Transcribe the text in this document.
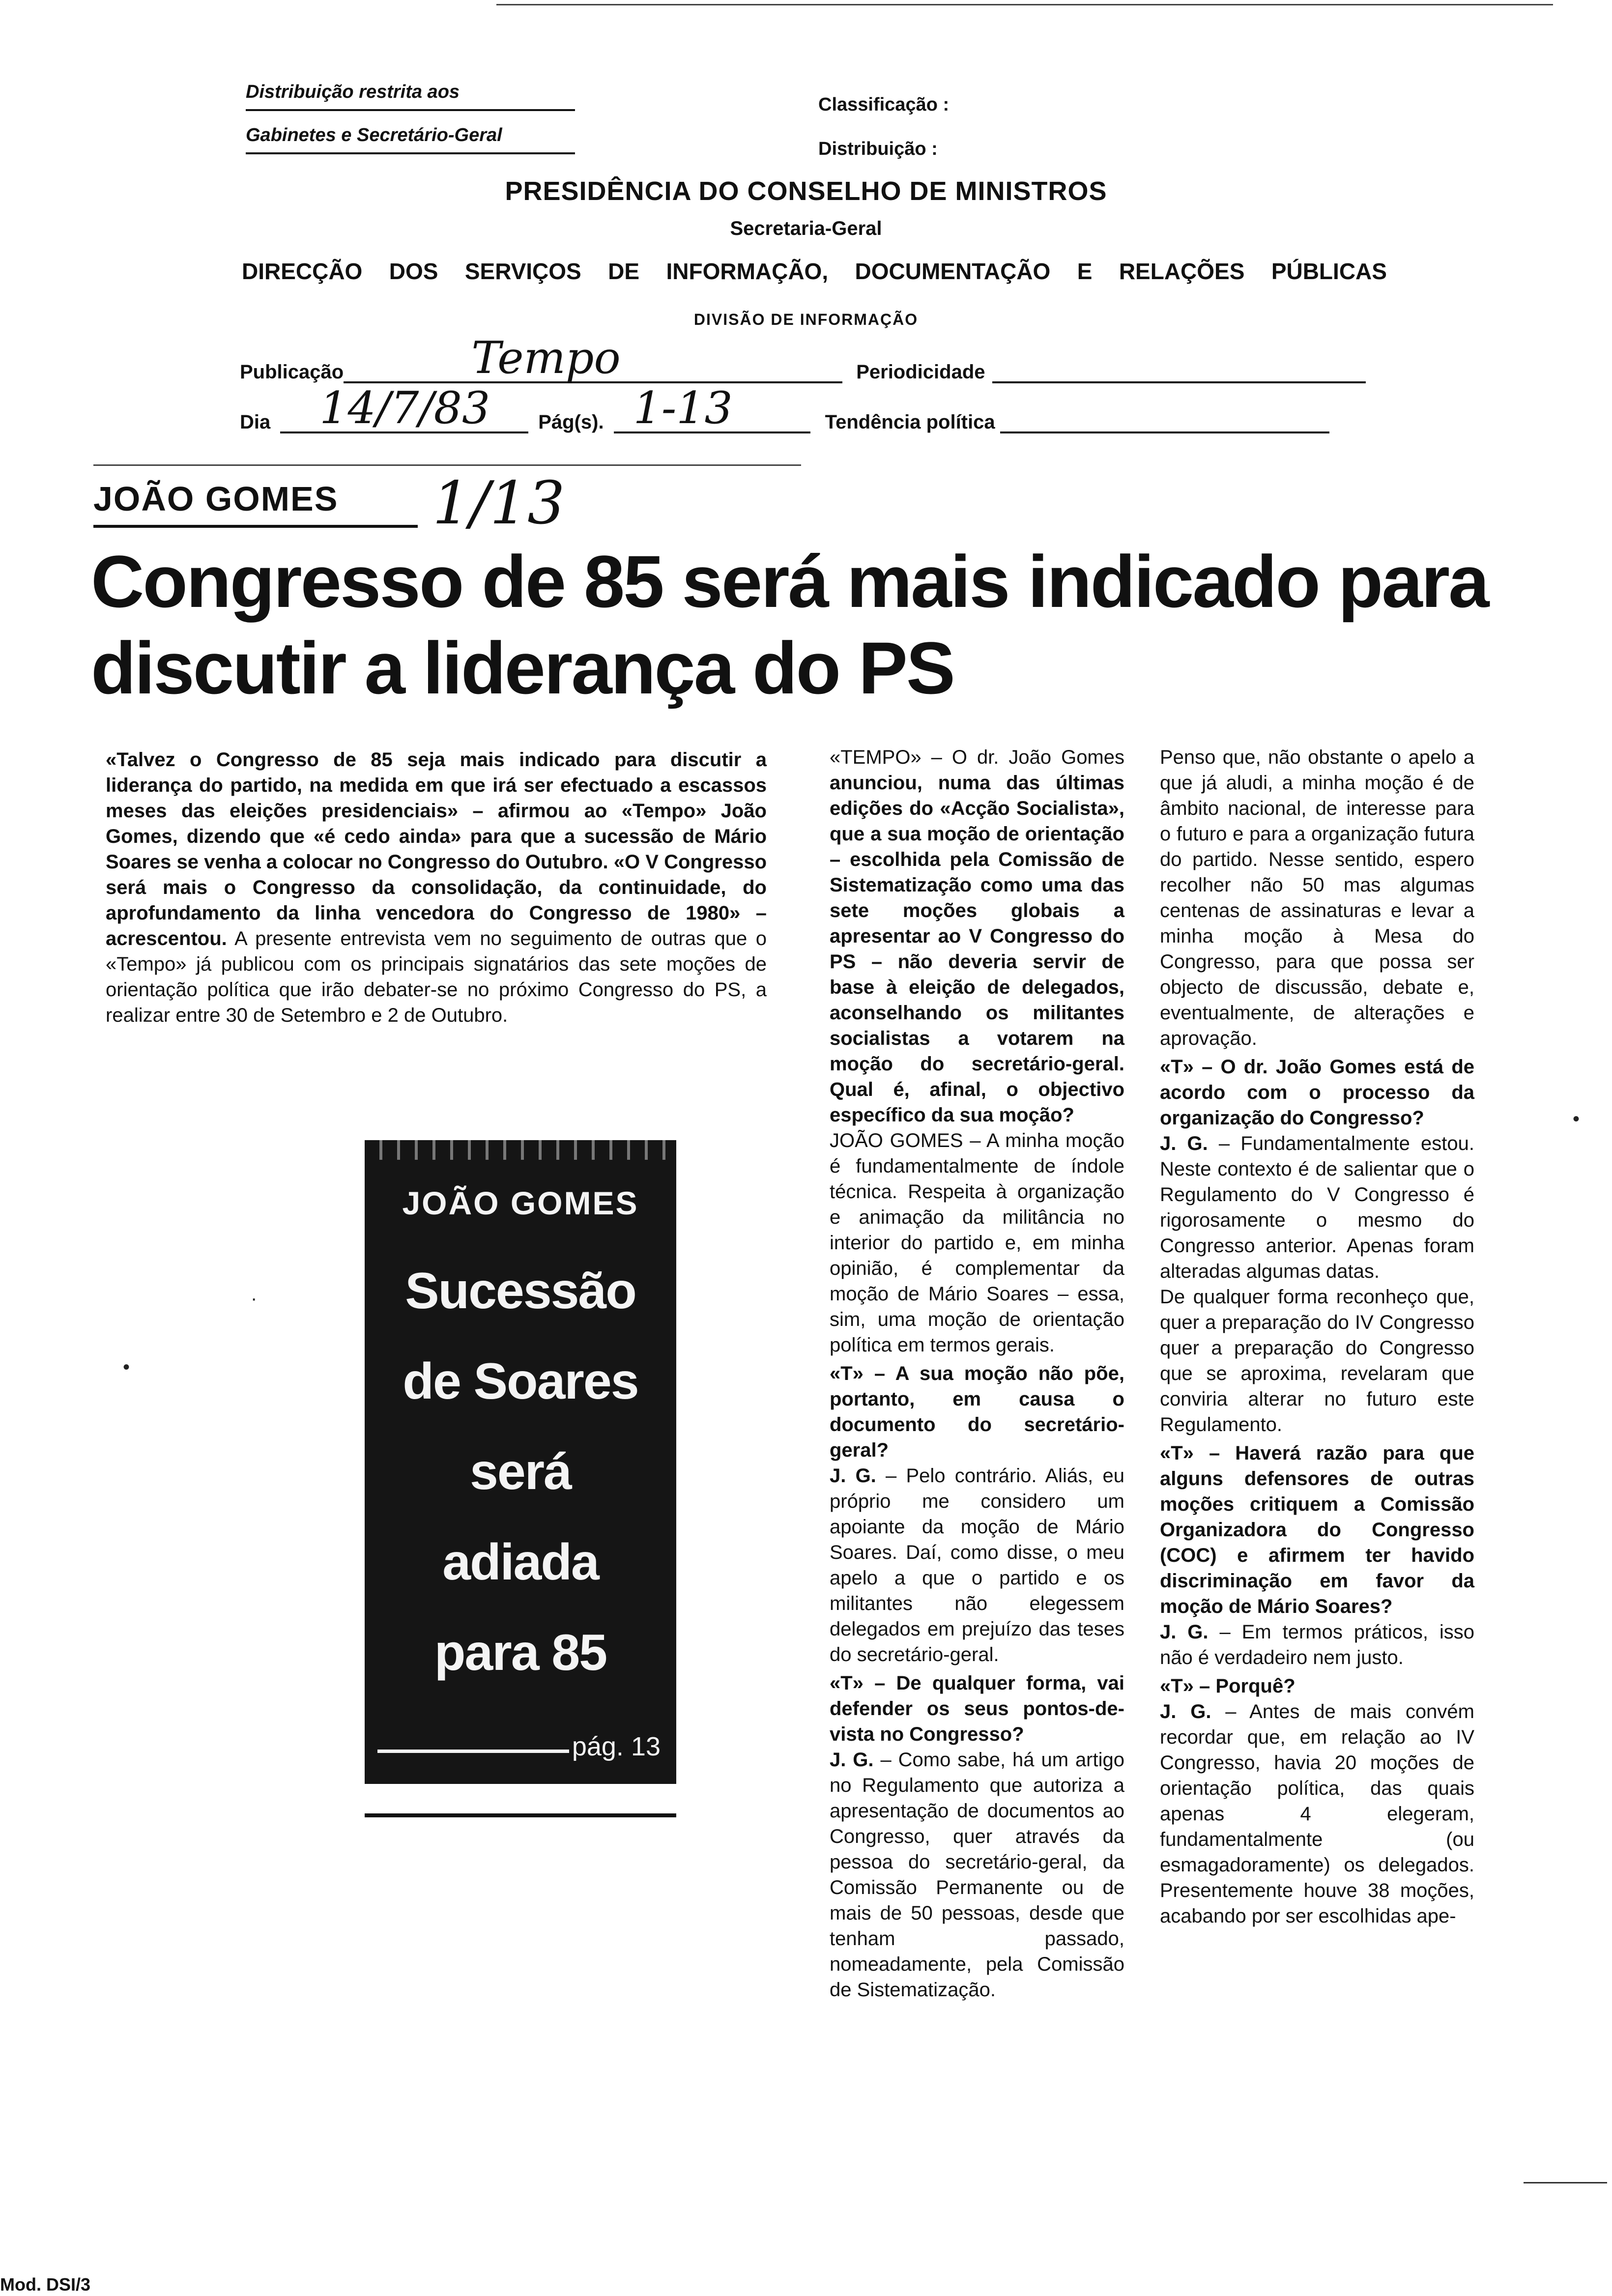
Distribuição restrita aos
Gabinetes e Secretário-Geral
Classificação :
Distribuição :
PRESIDÊNCIA DO CONSELHO DE MINISTROS
Secretaria-Geral
DIRECÇÃO DOS SERVIÇOS DE INFORMAÇÃO, DOCUMENTAÇÃO E RELAÇÕES PÚBLICAS
DIVISÃO DE INFORMAÇÃO
Publicação	Tempo	Periodicidade
Dia 14/7/83 Pág(s). 1-13	Tendência política
JOÃO GOMES 1/13
Congresso de 85 será mais indicado para discutir a liderança do PS

«Talvez o Congresso de 85 seja mais indicado para discutir a liderança do partido, na medida em que irá ser efectuado a escassos meses das eleições presidenciais» – afirmou ao «Tempo» João Gomes, dizendo que «é cedo ainda» para que a sucessão de Mário Soares se venha a colocar no Congresso do Outubro. «O V Congresso será mais o Congresso da consolidação, da continuidade, do aprofundamento da linha vencedora do Congresso de 1980» – acrescentou. A presente entrevista vem no seguimento de outras que o «Tempo» já publicou com os principais signatários das sete moções de orientação política que irão debater-se no próximo Congresso do PS, a realizar entre 30 de Setembro e 2 de Outubro.

JOÃO GOMES
Sucessão
de Soares
será
adiada
para 85
pág. 13

«TEMPO» – O dr. João Gomes anunciou, numa das últimas edições do «Acção Socialista», que a sua moção de orientação – escolhida pela Comissão de Sistematização como uma das sete moções globais a apresentar ao V Congresso do PS – não deveria servir de base à eleição de delegados, aconselhando os militantes socialistas a votarem na moção do secretário-geral. Qual é, afinal, o objectivo específico da sua moção?

JOÃO GOMES – A minha moção é fundamentalmente de índole técnica. Respeita à organização e animação da militância no interior do partido e, em minha opinião, é complementar da moção de Mário Soares – essa, sim, uma moção de orientação política em termos gerais.

«T» – A sua moção não põe, portanto, em causa o documento do secretário-geral?

J. G. – Pelo contrário. Aliás, eu próprio me considero um apoiante da moção de Mário Soares. Daí, como disse, o meu apelo a que o partido e os militantes não elegessem delegados em prejuízo das teses do secretário-geral.

«T» – De qualquer forma, vai defender os seus pontos-de-vista no Congresso?

J. G. – Como sabe, há um artigo no Regulamento que autoriza a apresentação de documentos ao Congresso, quer através da pessoa do secretário-geral, da Comissão Permanente ou de mais de 50 pessoas, desde que tenham passado, nomeadamente, pela Comissão de Sistematização.

Penso que, não obstante o apelo a que já aludi, a minha moção é de âmbito nacional, de interesse para o futuro e para a organização futura do partido. Nesse sentido, espero recolher não 50 mas algumas centenas de assinaturas e levar a minha moção à Mesa do Congresso, para que possa ser objecto de discussão, debate e, eventualmente, de alterações e aprovação.

«T» – O dr. João Gomes está de acordo com o processo da organização do Congresso?

J. G. – Fundamentalmente estou. Neste contexto é de salientar que o Regulamento do V Congresso é rigorosamente o mesmo do Congresso anterior. Apenas foram alteradas algumas datas.

De qualquer forma reconheço que, quer a preparação do IV Congresso quer a preparação do Congresso que se aproxima, revelaram que conviria alterar no futuro este Regulamento.

«T» – Haverá razão para que alguns defensores de outras moções critiquem a Comissão Organizadora do Congresso (COC) e afirmem ter havido discriminação em favor da moção de Mário Soares?

J. G. – Em termos práticos, isso não é verdadeiro nem justo.

«T» – Porquê?

J. G. – Antes de mais convém recordar que, em relação ao IV Congresso, havia 20 moções de orientação política, das quais apenas 4 elegeram, fundamentalmente (ou esmagadoramente) os delegados. Presentemente houve 38 moções, acabando por ser escolhidas ape-

•
·
•
Mod. DSI/3
